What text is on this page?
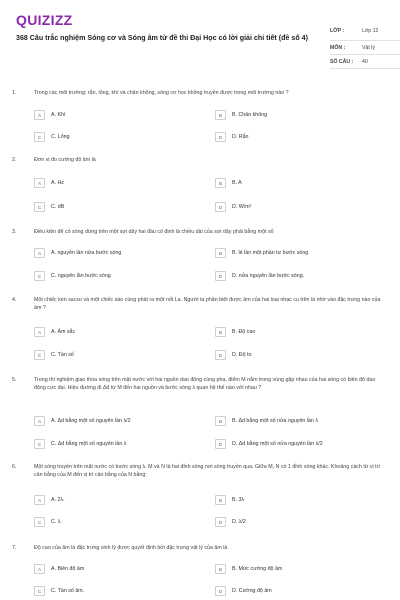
QUIZIZZ
368 Câu trắc nghiệm Sóng cơ và Sóng âm từ đề thi Đại Học có lời giải chi tiết (đề số 4)
LỚP :	Lớp 12
MÔN :	Vật lý
SỐ CÂU :	40
1.	Trong các môi trường: rắn, lỏng, khí và chân không, sóng cơ học không truyền được trong môi trường nào ?
A	A. Khí	B	B. Chân không
C	C. Lỏng	D	D. Rắn
2.	Đơn vị đo cường độ âm là
A	A. Hz	B	B. A
C	C. dB	D	D. W/m²
3.	Điều kiện để có sóng dừng trên một sợi dây hai đầu cố định là chiều dài của sợi dây phải bằng một số
A	A. nguyên lần nửa bước sóng	B	B. lẻ lần một phần tư bước sóng
C	C. nguyên lần bước sóng	D	D. nửa nguyên lần bước sóng.
4.	Một chiếc kèn sacxo và một chiếc sáo cùng phát ra một nốt La. Người ta phân biệt được âm của hai loại nhạc cụ trên là nhờ vào đặc trưng nào của âm ?
A	A. Âm sắc	B	B. Độ cao
C	C. Tần số	D	D. Độ to
5.	Trong thí nghiệm giao thoa sóng trên mặt nước với hai nguồn dao động cùng pha, điểm M nằm trong vùng gặp nhau của hai sóng có biên độ dao động cực đại. Hiệu đường đi Δd từ M đến hai nguồn và bước sóng λ quan hệ thế nào với nhau ?
A	A. Δd bằng một số nguyên lần λ/2	B	B. Δd bằng một số nửa nguyên lần λ
C	C. Δd bằng một số nguyên lần λ	D	D. Δd bằng một số nửa nguyên lần λ/2
6.	Một sóng truyền trên mặt nước có bước sóng λ. M và N là hai đỉnh sóng nơi sóng truyền qua. Giữa M, N có 1 đỉnh sóng khác. Khoảng cách từ vị trí cân bằng của M đến vị trí cân bằng của N bằng:
A	A. 2λ.	B	B. 3λ
C	C. λ.	D	D. λ/2
7.	Độ cao của âm là đặc trưng sinh lý được quyết định bởi đặc trưng vật lý của âm là
A	A. Biên độ âm	B	B. Mức cường độ âm
C	C. Tần số âm.	D	D. Cường độ âm
